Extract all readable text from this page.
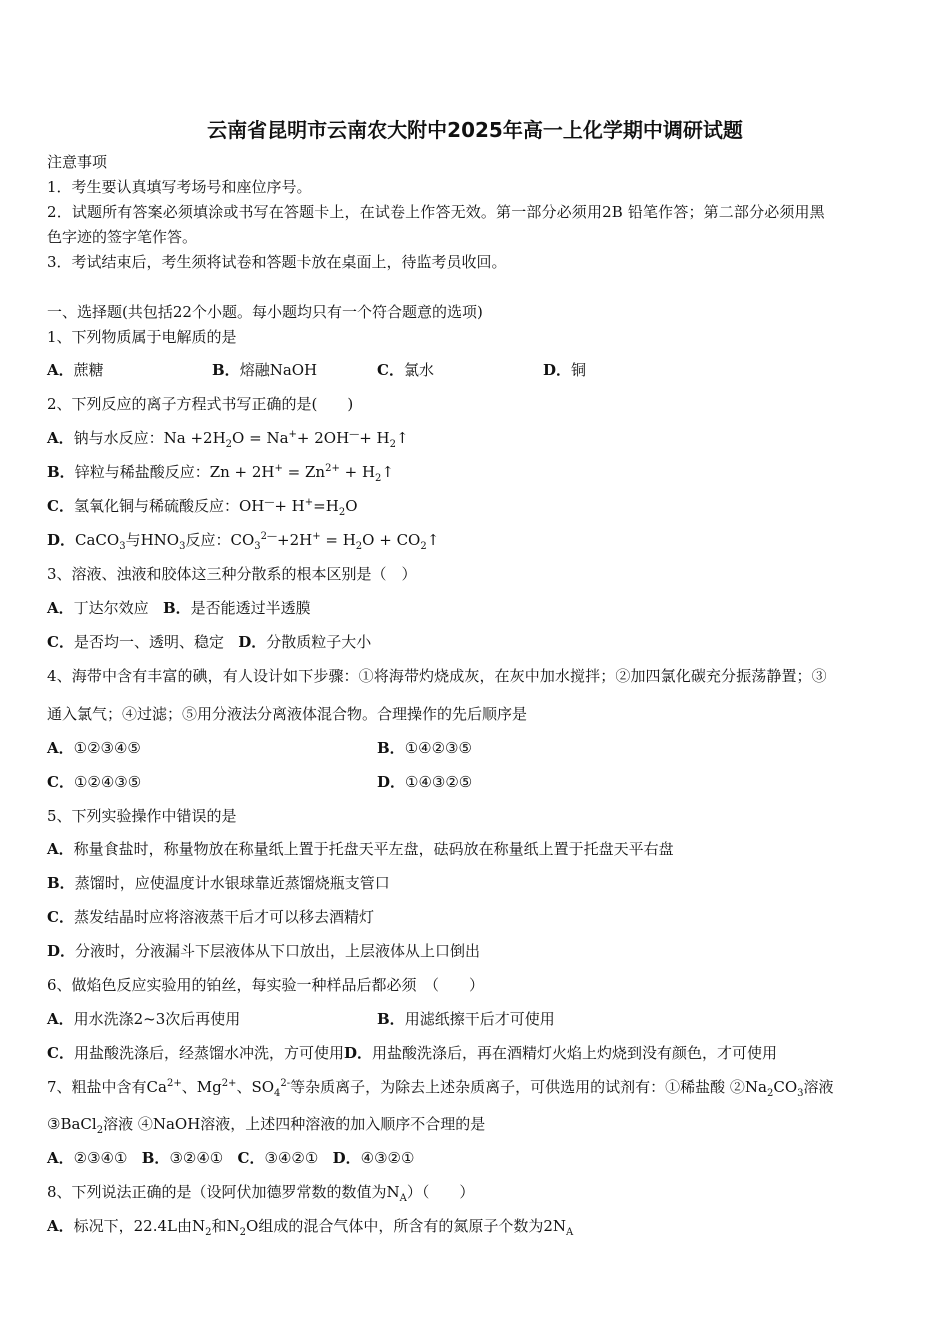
云南省昆明市云南农大附中2025年高一上化学期中调研试题
注意事项
1．考生要认真填写考场号和座位序号。
2．试题所有答案必须填涂或书写在答题卡上，在试卷上作答无效。第一部分必须用2B 铅笔作答；第二部分必须用黑
色字迹的签字笔作答。
3．考试结束后，考生须将试卷和答题卡放在桌面上，待监考员收回。
一、选择题(共包括22个小题。每小题均只有一个符合题意的选项)
1、下列物质属于电解质的是
A．蔗糖	B．熔融NaOH	C．氯水	D．铜
2、下列反应的离子方程式书写正确的是(　　)
A．钠与水反应：$Na +2H_2O = Na^++ 2OH^—+$ $H_2↑$
B．锌粒与稀盐酸反应：$Zn + 2H^+ = Zn^{2+}$ + $H_2↑$
C．氢氧化铜与稀硫酸反应：$OH^—+ H^+=H_2O$
D．CaCO$_3$与$HNO_3$反应：$CO_3^{2—}+2H^+ = H_2O$ + $CO_2↑$
3、溶液、浊液和胶体这三种分散系的根本区别是（　）
A．丁达尔效应 B．是否能透过半透膜
C．是否均一、透明、稳定 D．分散质粒子大小
4、海带中含有丰富的碘，有人设计如下步骤：①将海带灼烧成灰，在灰中加水搅拌；②加四氯化碳充分振荡静置；③
通入氯气；④过滤；⑤用分液法分离液体混合物。合理操作的先后顺序是
A．①②③④⑤	B．①④②③⑤
C．①②④③⑤	D．①④③②⑤
5、下列实验操作中错误的是
A．称量食盐时，称量物放在称量纸上置于托盘天平左盘，砝码放在称量纸上置于托盘天平右盘
B．蒸馏时，应使温度计水银球靠近蒸馏烧瓶支管口
C．蒸发结晶时应将溶液蒸干后才可以移去酒精灯
D．分液时，分液漏斗下层液体从下口放出，上层液体从上口倒出
6、做焰色反应实验用的铂丝，每实验一种样品后都必须　（　　）
A．用水洗涤2~3次后再使用	B．用滤纸擦干后才可使用
C．用盐酸洗涤后，经蒸馏水冲洗，方可使用D．用盐酸洗涤后，再在酒精灯火焰上灼烧到没有颜色，才可使用
7、粗盐中含有$Ca^{2+}$、$Mg^{2+}$、$SO_4^{2-}$等杂质离子，为除去上述杂质离子，可供选用的试剂有：①稀盐酸 $②Na_2CO_3$溶液
③BaCl$_2$溶液 ④NaOH溶液，上述四种溶液的加入顺序不合理的是
A．②③④① B．③②④① C．③④②① D．④③②①
8、下列说法正确的是（设阿伏加德罗常数的数值为$N_A$）（　　）
A．标况下，22.4L由$N_2$和$N_2O$组成的混合气体中，所含有的氮原子个数为$2N_A$
